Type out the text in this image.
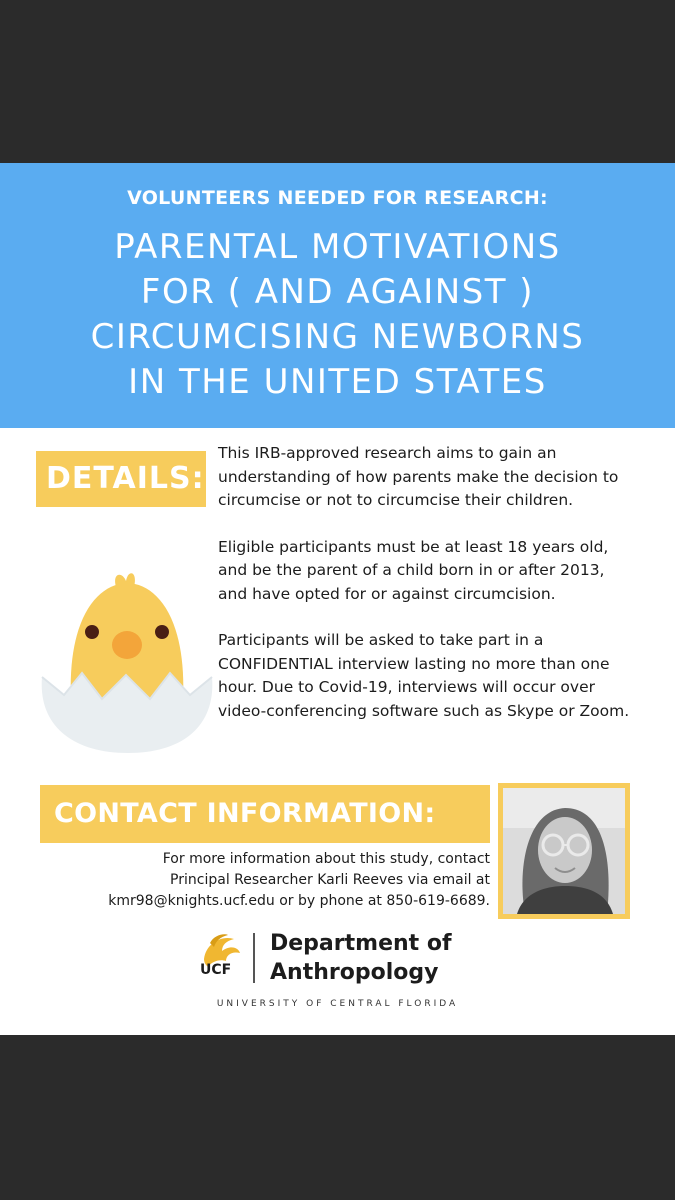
VOLUNTEERS NEEDED FOR RESEARCH:
PARENTAL MOTIVATIONS
FOR ( AND AGAINST )
CIRCUMCISING NEWBORNS
IN THE UNITED STATES
DETAILS:

This IRB-approved research aims to gain an understanding of how parents make the decision to circumcise or not to circumcise their children.

Eligible participants must be at least 18 years old, and be the parent of a child born in or after 2013, and have opted for or against circumcision.

Participants will be asked to take part in a CONFIDENTIAL interview lasting no more than one hour. Due to Covid-19, interviews will occur over video-conferencing software such as Skype or Zoom.

CONTACT INFORMATION:
For more information about this study, contact
Principal Researcher Karli Reeves via email at
kmr98@knights.ucf.edu or by phone at 850-619-6689.
UCF
Department of
Anthropology
UNIVERSITY OF CENTRAL FLORIDA
